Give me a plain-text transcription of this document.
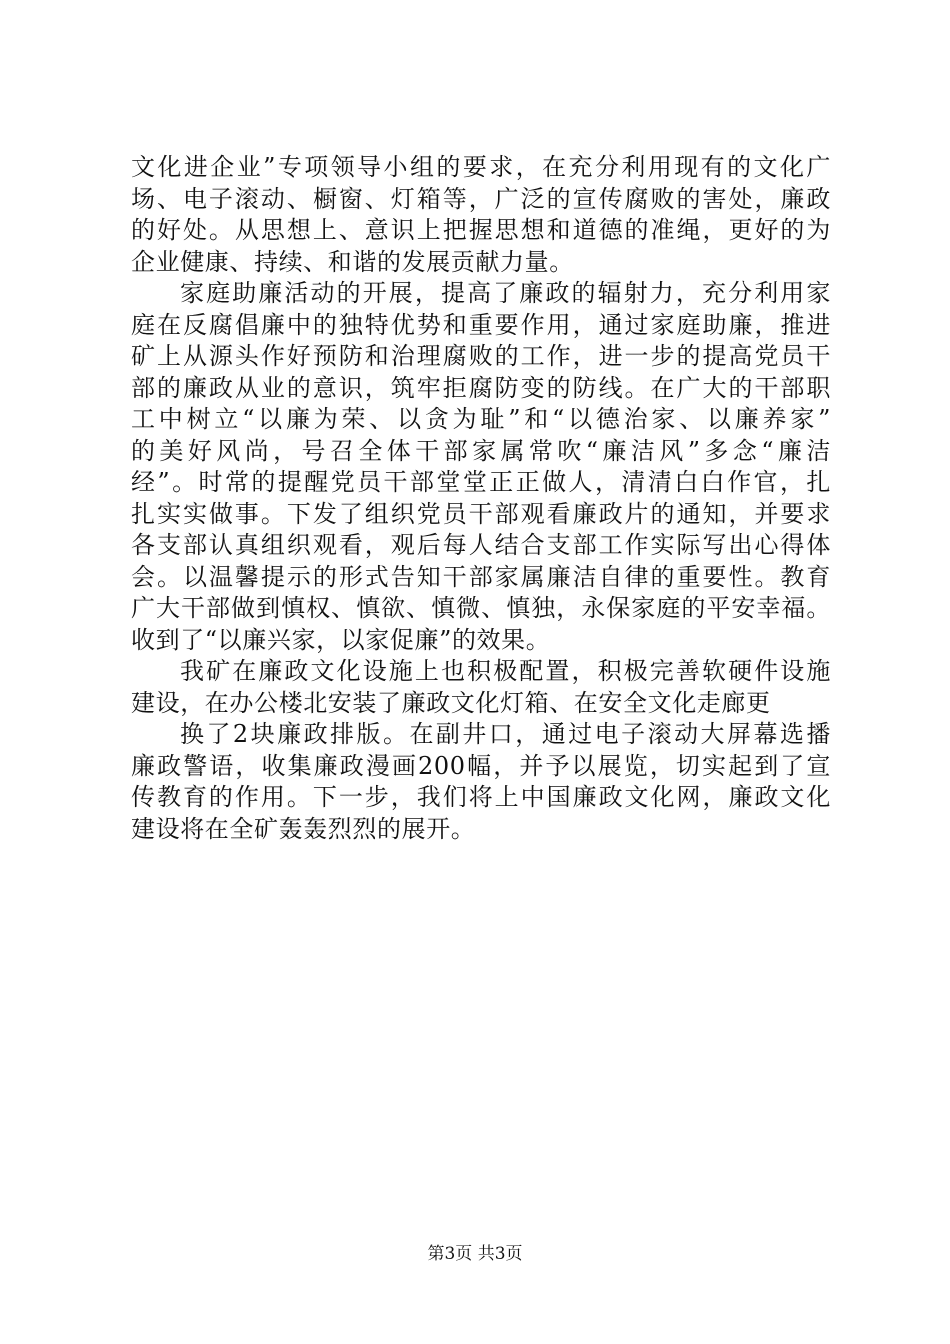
文化进企业”专项领导小组的要求，在充分利用现有的文化广
场、电子滚动、橱窗、灯箱等，广泛的宣传腐败的害处，廉政
的好处。从思想上、意识上把握思想和道德的准绳，更好的为
企业健康、持续、和谐的发展贡献力量。
家庭助廉活动的开展，提高了廉政的辐射力，充分利用家
庭在反腐倡廉中的独特优势和重要作用，通过家庭助廉，推进
矿上从源头作好预防和治理腐败的工作，进一步的提高党员干
部的廉政从业的意识，筑牢拒腐防变的防线。在广大的干部职
工中树立“以廉为荣、以贪为耻”和“以德治家、以廉养家”
的美好风尚，号召全体干部家属常吹“廉洁风”多念“廉洁
经”。时常的提醒党员干部堂堂正正做人，清清白白作官，扎
扎实实做事。下发了组织党员干部观看廉政片的通知，并要求
各支部认真组织观看，观后每人结合支部工作实际写出心得体
会。以温馨提示的形式告知干部家属廉洁自律的重要性。教育
广大干部做到慎权、慎欲、慎微、慎独，永保家庭的平安幸福。
收到了“以廉兴家，以家促廉”的效果。
我矿在廉政文化设施上也积极配置，积极完善软硬件设施
建设，在办公楼北安装了廉政文化灯箱、在安全文化走廊更
换了2块廉政排版。在副井口，通过电子滚动大屏幕选播
廉政警语，收集廉政漫画200幅，并予以展览，切实起到了宣
传教育的作用。下一步，我们将上中国廉政文化网，廉政文化
建设将在全矿轰轰烈烈的展开。
第3页 共3页
